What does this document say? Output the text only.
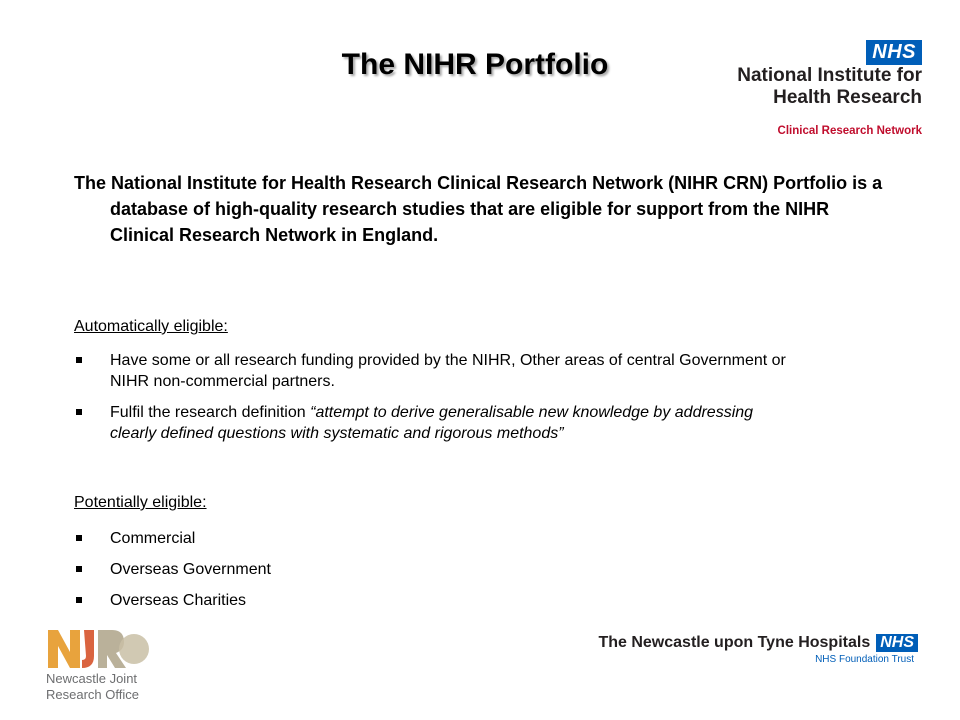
The NIHR Portfolio	NHS
National Institute for
Health Research
Clinical Research Network
The National Institute for Health Research Clinical Research Network (NIHR CRN) Portfolio is a database of high-quality research studies that are eligible for support from the NIHR Clinical Research Network in England.
Automatically eligible:
Have some or all research funding provided by the NIHR, Other areas of central Government or NIHR non-commercial partners.
Fulfil the research definition “attempt to derive generalisable new knowledge by addressing clearly defined questions with systematic and rigorous methods”
Potentially eligible:
Commercial
Overseas Government
Overseas Charities
Newcastle Joint
Research Office
The Newcastle upon Tyne Hospitals NHS
NHS Foundation Trust
